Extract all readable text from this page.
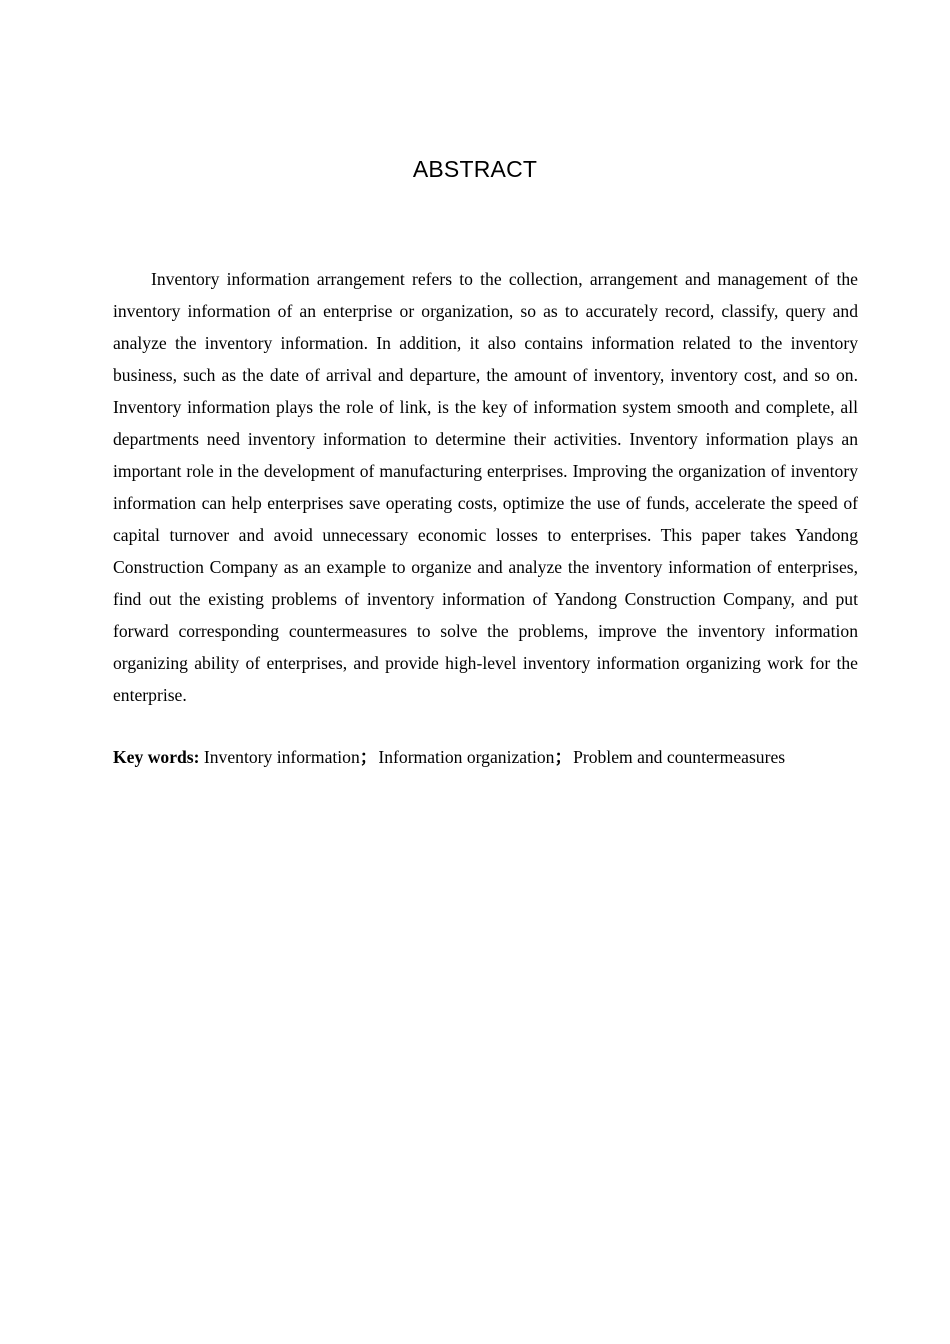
ABSTRACT

Inventory information arrangement refers to the collection, arrangement and management of the inventory information of an enterprise or organization, so as to accurately record, classify, query and analyze the inventory information. In addition, it also contains information related to the inventory business, such as the date of arrival and departure, the amount of inventory, inventory cost, and so on. Inventory information plays the role of link, is the key of information system smooth and complete, all departments need inventory information to determine their activities. Inventory information plays an important role in the development of manufacturing enterprises. Improving the organization of inventory information can help enterprises save operating costs, optimize the use of funds, accelerate the speed of capital turnover and avoid unnecessary economic losses to enterprises. This paper takes Yandong Construction Company as an example to organize and analyze the inventory information of enterprises, find out the existing problems of inventory information of Yandong Construction Company, and put forward corresponding countermeasures to solve the problems, improve the inventory information organizing ability of enterprises, and provide high-level inventory information organizing work for the enterprise.

Key words: Inventory information；Information organization；Problem and countermeasures
